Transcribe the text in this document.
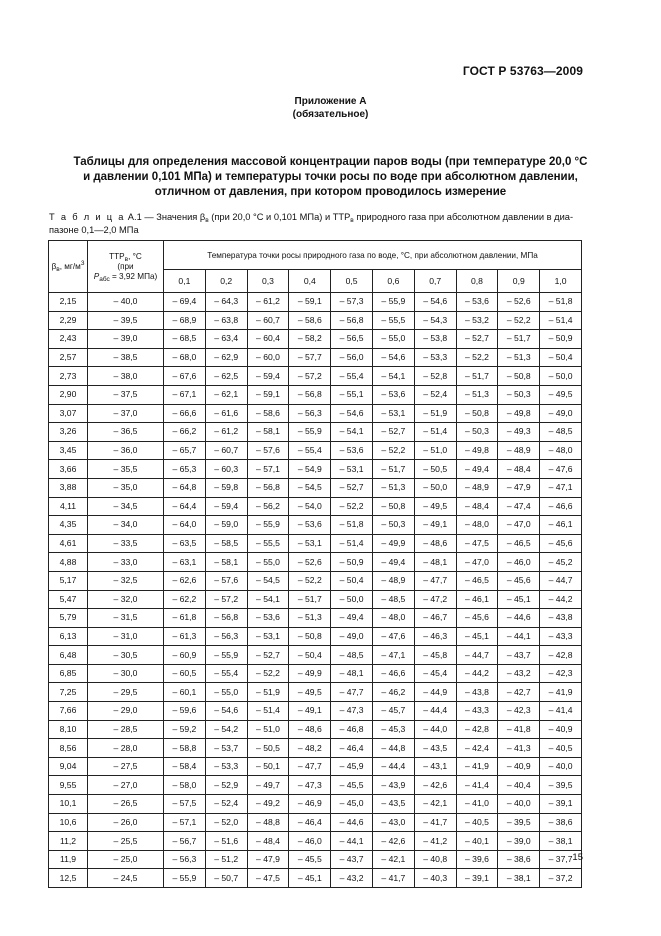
ГОСТ Р 53763—2009
Приложение А
(обязательное)
Таблицы для определения массовой концентрации паров воды (при температуре 20,0 °С
и давлении 0,101 МПа) и температуры точки росы по воде при абсолютном давлении,
отличном от давления, при котором проводилось измерение
Т а б л и ц а А.1 — Значения $\beta_в$ (при 20,0 °С и 0,101 МПа) и $ТТР_в$ природного газа при абсолютном давлении в диа-
пазоне 0,1—2,0 МПа
$\beta_в$, $мг/м^3$	$ТТР_в$, °С
(при
$P_{абс} = 3,92$ МПа)	Температура точки росы природного газа по воде, °С, при абсолютном давлении, МПа									
		0,1	0,2	0,3	0,4	0,5	0,6	0,7	0,8	0,9	1,0
2,15	– 40,0	– 69,4	– 64,3	– 61,2	– 59,1	– 57,3	– 55,9	– 54,6	– 53,6	– 52,6	– 51,8
2,29	– 39,5	– 68,9	– 63,8	– 60,7	– 58,6	– 56,8	– 55,5	– 54,3	– 53,2	– 52,2	– 51,4
2,43	– 39,0	– 68,5	– 63,4	– 60,4	– 58,2	– 56,5	– 55,0	– 53,8	– 52,7	– 51,7	– 50,9
2,57	– 38,5	– 68,0	– 62,9	– 60,0	– 57,7	– 56,0	– 54,6	– 53,3	– 52,2	– 51,3	– 50,4
2,73	– 38,0	– 67,6	– 62,5	– 59,4	– 57,2	– 55,4	– 54,1	– 52,8	– 51,7	– 50,8	– 50,0
2,90	– 37,5	– 67,1	– 62,1	– 59,1	– 56,8	– 55,1	– 53,6	– 52,4	– 51,3	– 50,3	– 49,5
3,07	– 37,0	– 66,6	– 61,6	– 58,6	– 56,3	– 54,6	– 53,1	– 51,9	– 50,8	– 49,8	– 49,0
3,26	– 36,5	– 66,2	– 61,2	– 58,1	– 55,9	– 54,1	– 52,7	– 51,4	– 50,3	– 49,3	– 48,5
3,45	– 36,0	– 65,7	– 60,7	– 57,6	– 55,4	– 53,6	– 52,2	– 51,0	– 49,8	– 48,9	– 48,0
3,66	– 35,5	– 65,3	– 60,3	– 57,1	– 54,9	– 53,1	– 51,7	– 50,5	– 49,4	– 48,4	– 47,6
3,88	– 35,0	– 64,8	– 59,8	– 56,8	– 54,5	– 52,7	– 51,3	– 50,0	– 48,9	– 47,9	– 47,1
4,11	– 34,5	– 64,4	– 59,4	– 56,2	– 54,0	– 52,2	– 50,8	– 49,5	– 48,4	– 47,4	– 46,6
4,35	– 34,0	– 64,0	– 59,0	– 55,9	– 53,6	– 51,8	– 50,3	– 49,1	– 48,0	– 47,0	– 46,1
4,61	– 33,5	– 63,5	– 58,5	– 55,5	– 53,1	– 51,4	– 49,9	– 48,6	– 47,5	– 46,5	– 45,6
4,88	– 33,0	– 63,1	– 58,1	– 55,0	– 52,6	– 50,9	– 49,4	– 48,1	– 47,0	– 46,0	– 45,2
5,17	– 32,5	– 62,6	– 57,6	– 54,5	– 52,2	– 50,4	– 48,9	– 47,7	– 46,5	– 45,6	– 44,7
5,47	– 32,0	– 62,2	– 57,2	– 54,1	– 51,7	– 50,0	– 48,5	– 47,2	– 46,1	– 45,1	– 44,2
5,79	– 31,5	– 61,8	– 56,8	– 53,6	– 51,3	– 49,4	– 48,0	– 46,7	– 45,6	– 44,6	– 43,8
6,13	– 31,0	– 61,3	– 56,3	– 53,1	– 50,8	– 49,0	– 47,6	– 46,3	– 45,1	– 44,1	– 43,3
6,48	– 30,5	– 60,9	– 55,9	– 52,7	– 50,4	– 48,5	– 47,1	– 45,8	– 44,7	– 43,7	– 42,8
6,85	– 30,0	– 60,5	– 55,4	– 52,2	– 49,9	– 48,1	– 46,6	– 45,4	– 44,2	– 43,2	– 42,3
7,25	– 29,5	– 60,1	– 55,0	– 51,9	– 49,5	– 47,7	– 46,2	– 44,9	– 43,8	– 42,7	– 41,9
7,66	– 29,0	– 59,6	– 54,6	– 51,4	– 49,1	– 47,3	– 45,7	– 44,4	– 43,3	– 42,3	– 41,4
8,10	– 28,5	– 59,2	– 54,2	– 51,0	– 48,6	– 46,8	– 45,3	– 44,0	– 42,8	– 41,8	– 40,9
8,56	– 28,0	– 58,8	– 53,7	– 50,5	– 48,2	– 46,4	– 44,8	– 43,5	– 42,4	– 41,3	– 40,5
9,04	– 27,5	– 58,4	– 53,3	– 50,1	– 47,7	– 45,9	– 44,4	– 43,1	– 41,9	– 40,9	– 40,0
9,55	– 27,0	– 58,0	– 52,9	– 49,7	– 47,3	– 45,5	– 43,9	– 42,6	– 41,4	– 40,4	– 39,5
10,1	– 26,5	– 57,5	– 52,4	– 49,2	– 46,9	– 45,0	– 43,5	– 42,1	– 41,0	– 40,0	– 39,1
10,6	– 26,0	– 57,1	– 52,0	– 48,8	– 46,4	– 44,6	– 43,0	– 41,7	– 40,5	– 39,5	– 38,6
11,2	– 25,5	– 56,7	– 51,6	– 48,4	– 46,0	– 44,1	– 42,6	– 41,2	– 40,1	– 39,0	– 38,1
11,9	– 25,0	– 56,3	– 51,2	– 47,9	– 45,5	– 43,7	– 42,1	– 40,8	– 39,6	– 38,6	– 37,7
12,5	– 24,5	– 55,9	– 50,7	– 47,5	– 45,1	– 43,2	– 41,7	– 40,3	– 39,1	– 38,1	– 37,2
15
